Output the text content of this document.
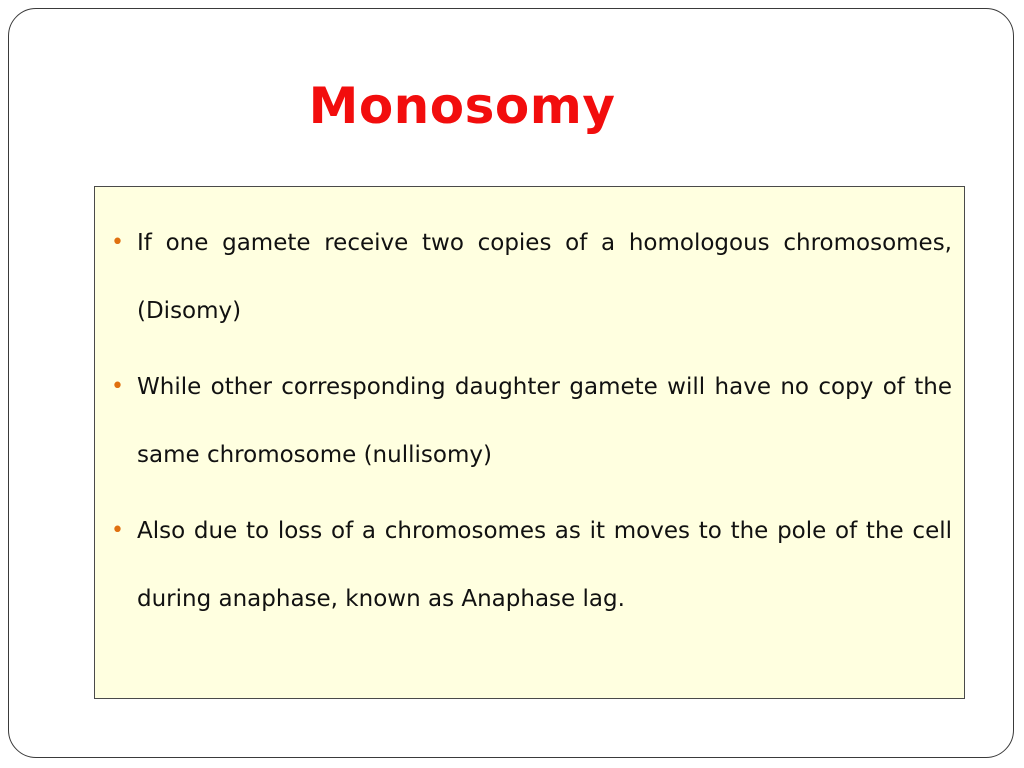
Monosomy
• If one gamete receive two copies of a homologous chromosomes, (Disomy)
• While other corresponding daughter gamete will have no copy of the same chromosome (nullisomy)
• Also due to loss of a chromosomes as it moves to the pole of the cell during anaphase, known as Anaphase lag.
